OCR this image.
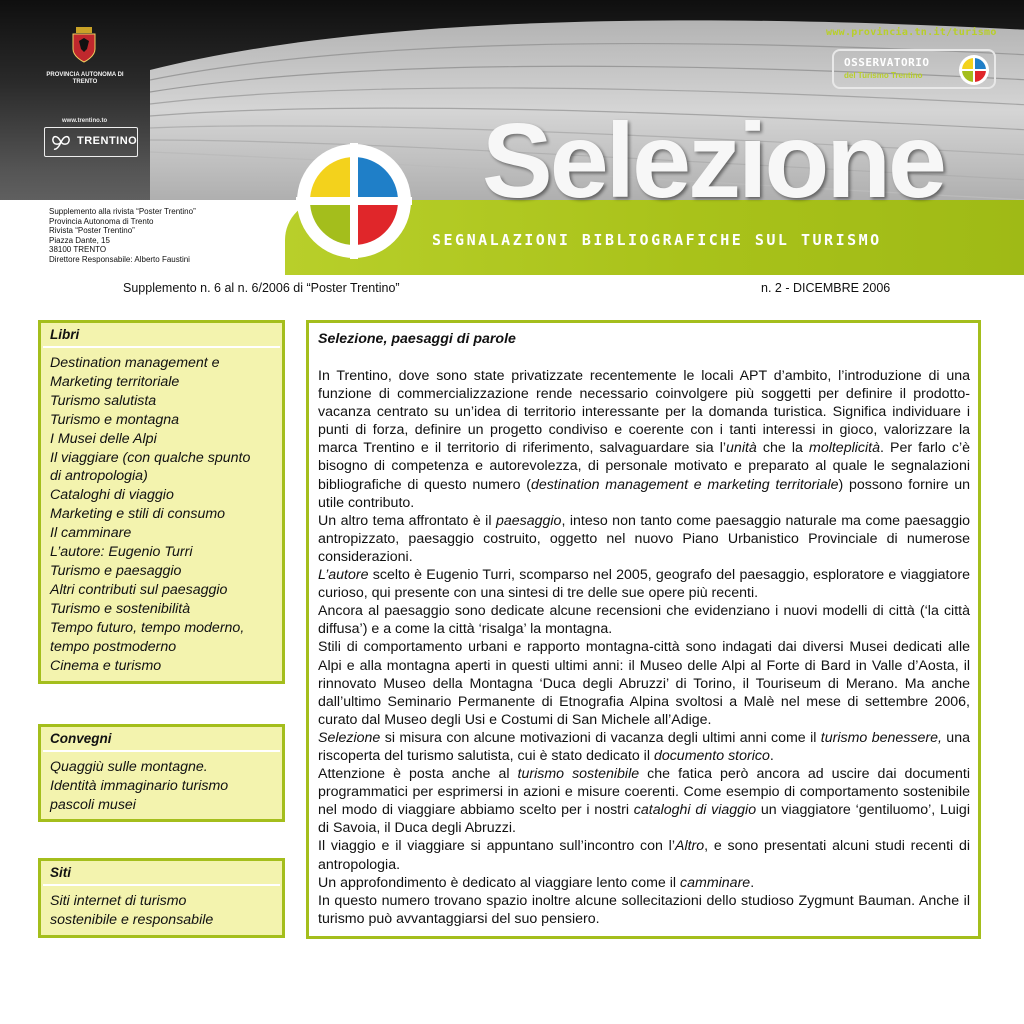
PROVINCIA AUTONOMA DI TRENTO
www.trentino.to
TRENTINO
www.provincia.tn.it/turismo
OSSERVATORIO
del Turismo Trentino
Selezione
SEGNALAZIONI BIBLIOGRAFICHE SUL TURISMO
Supplemento alla rivista “Poster Trentino”
Provincia Autonoma di Trento
Rivista “Poster Trentino”
Piazza Dante, 15
38100 TRENTO
Direttore Responsabile: Alberto Faustini
Supplemento n. 6 al n. 6/2006 di “Poster Trentino”	n. 2 - DICEMBRE 2006
Libri
Destination management e
Marketing territoriale
Turismo salutista
Turismo e montagna
I Musei delle Alpi
Il viaggiare (con qualche spunto
di antropologia)
Cataloghi di viaggio
Marketing e stili di consumo
Il camminare
L’autore: Eugenio Turri
Turismo e paesaggio
Altri contributi sul paesaggio
Turismo e sostenibilità
Tempo futuro, tempo moderno,
tempo postmoderno
Cinema e turismo
Convegni
Quaggiù sulle montagne.
Identità immaginario turismo
pascoli musei
Siti
Siti internet di turismo
sostenibile e responsabile
Selezione, paesaggi di parole

In Trentino, dove sono state privatizzate recentemente le locali APT d’ambito, l’introduzione di una funzione di commercializzazione rende necessario coinvolgere più soggetti per definire il prodotto-vacanza centrato su un’idea di territorio interessante per la domanda turistica. Significa individuare i punti di forza, definire un progetto condiviso e coerente con i tanti interessi in gioco, valorizzare la marca Trentino e il territorio di riferimento, salvaguardare sia l’unità che la molteplicità. Per farlo c’è bisogno di competenza e autorevolezza, di personale motivato e preparato al quale le segnalazioni bibliografiche di questo numero (destination management e marketing territoriale) possono fornire un utile contributo.

Un altro tema affrontato è il paesaggio, inteso non tanto come paesaggio naturale ma come paesaggio antropizzato, paesaggio costruito, oggetto nel nuovo Piano Urbanistico Provinciale di numerose considerazioni.

L’autore scelto è Eugenio Turri, scomparso nel 2005, geografo del paesaggio, esploratore e viaggiatore curioso, qui presente con una sintesi di tre delle sue opere più recenti.

Ancora al paesaggio sono dedicate alcune recensioni che evidenziano i nuovi modelli di città (‘la città diffusa’) e a come la città ‘risalga’ la montagna.

Stili di comportamento urbani e rapporto montagna-città sono indagati dai diversi Musei dedicati alle Alpi e alla montagna aperti in questi ultimi anni: il Museo delle Alpi al Forte di Bard in Valle d’Aosta, il rinnovato Museo della Montagna ‘Duca degli Abruzzi’ di Torino, il Touriseum di Merano. Ma anche dall’ultimo Seminario Permanente di Etnografia Alpina svoltosi a Malè nel mese di settembre 2006, curato dal Museo degli Usi e Costumi di San Michele all’Adige.

Selezione si misura con alcune motivazioni di vacanza degli ultimi anni come il turismo benessere, una riscoperta del turismo salutista, cui è stato dedicato il documento storico.

Attenzione è posta anche al turismo sostenibile che fatica però ancora ad uscire dai documenti programmatici per esprimersi in azioni e misure coerenti. Come esempio di comportamento sostenibile nel modo di viaggiare abbiamo scelto per i nostri cataloghi di viaggio un viaggiatore ‘gentiluomo’, Luigi di Savoia, il Duca degli Abruzzi.

Il viaggio e il viaggiare si appuntano sull’incontro con l’Altro, e sono presentati alcuni studi recenti di antropologia.

Un approfondimento è dedicato al viaggiare lento come il camminare.

In questo numero trovano spazio inoltre alcune sollecitazioni dello studioso Zygmunt Bauman. Anche il turismo può avvantaggiarsi del suo pensiero.
